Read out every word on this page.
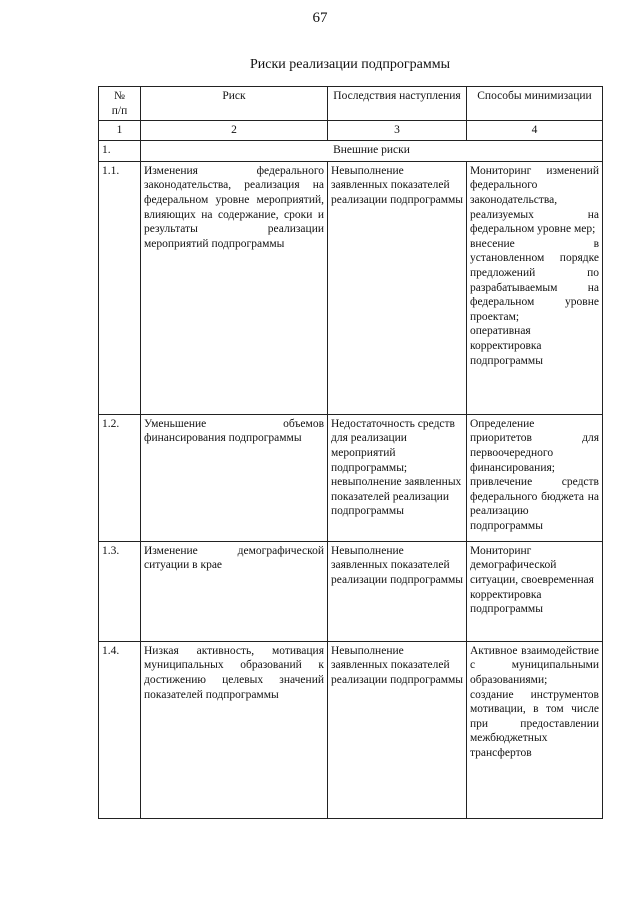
67
Риски реализации подпрограммы
№
п/п	Риск	Последствия наступления	Способы минимизации
1	2	3	4
1.	Внешние риски		
1.1.	Изменения федерального законодательства, реализация на федеральном уровне мероприятий, влияющих на содержание, сроки и результаты реализации мероприятий подпрограммы	Невыполнение заявленных показателей реализации подпрограммы	Мониторинг изменений федерального законодательства, реализуемых на федеральном уровне мер;
внесение в установленном порядке предложений по разрабатываемым на федеральном уровне проектам;
оперативная корректировка подпрограммы
1.2.	Уменьшение объемов финансирования подпрограммы	Недостаточность средств для реализации мероприятий подпрограммы;
невыполнение заявленных показателей реализации подпрограммы	Определение приоритетов для первоочередного финансирования;
привлечение средств федерального бюджета на реализацию подпрограммы
1.3.	Изменение демографической ситуации в крае	Невыполнение заявленных показателей реализации подпрограммы	Мониторинг демографической ситуации, своевременная корректировка подпрограммы
1.4.	Низкая активность, мотивация муниципальных образований к достижению целевых значений показателей подпрограммы	Невыполнение заявленных показателей реализации подпрограммы	Активное взаимодействие с муниципальными образованиями;
создание инструментов мотивации, в том числе при предоставлении межбюджетных трансфертов
